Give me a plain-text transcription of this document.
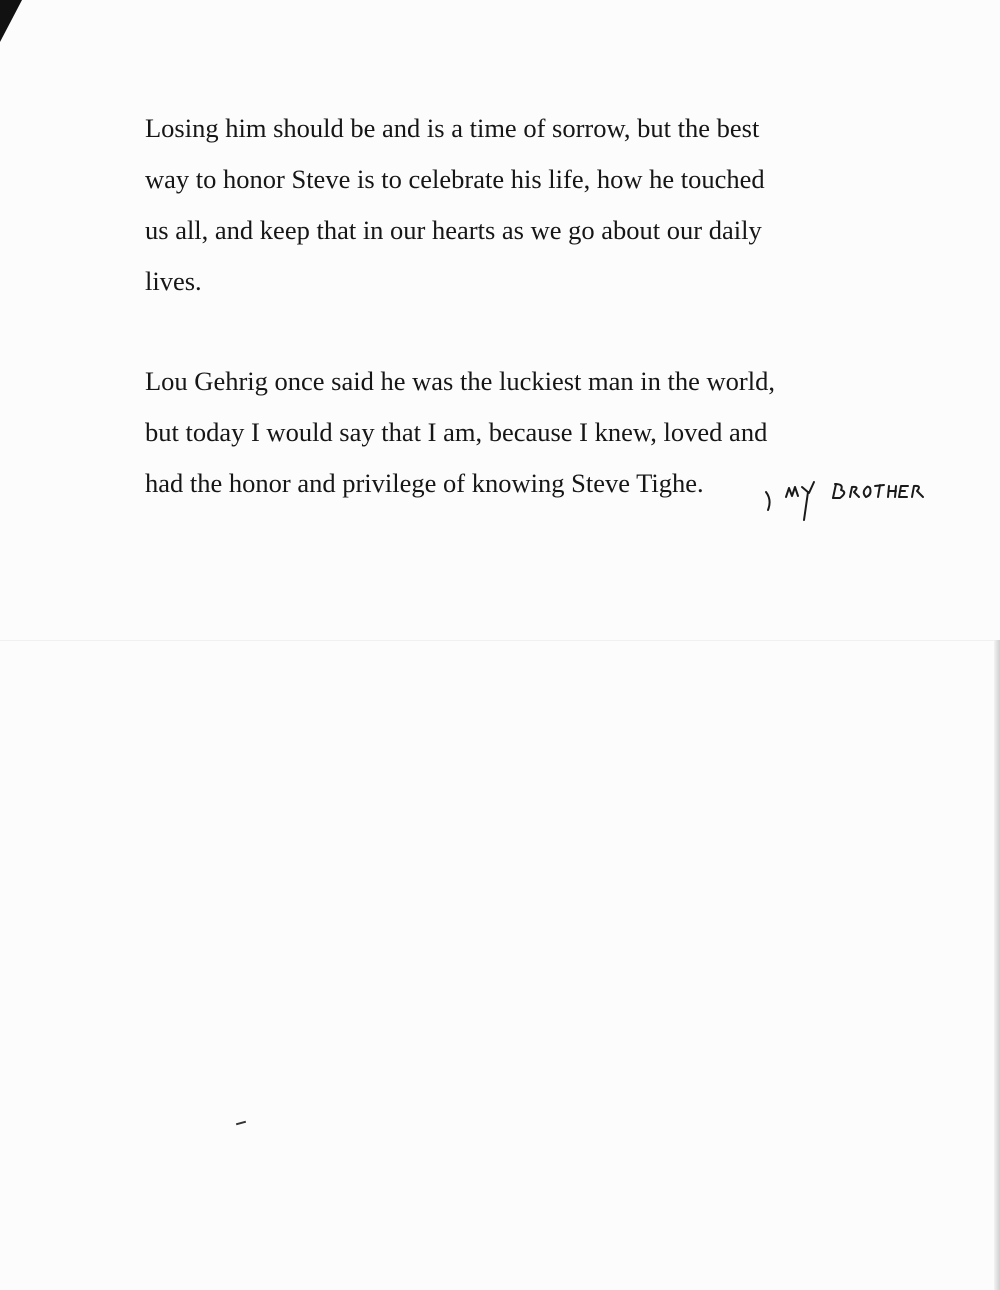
Losing him should be and is a time of sorrow, but the best
way to honor Steve is to celebrate his life, how he touched
us all, and keep that in our hearts as we go about our daily
lives.

Lou Gehrig once said he was the luckiest man in the world,
but today I would say that I am, because I knew, loved and
had the honor and privilege of knowing Steve Tighe.
